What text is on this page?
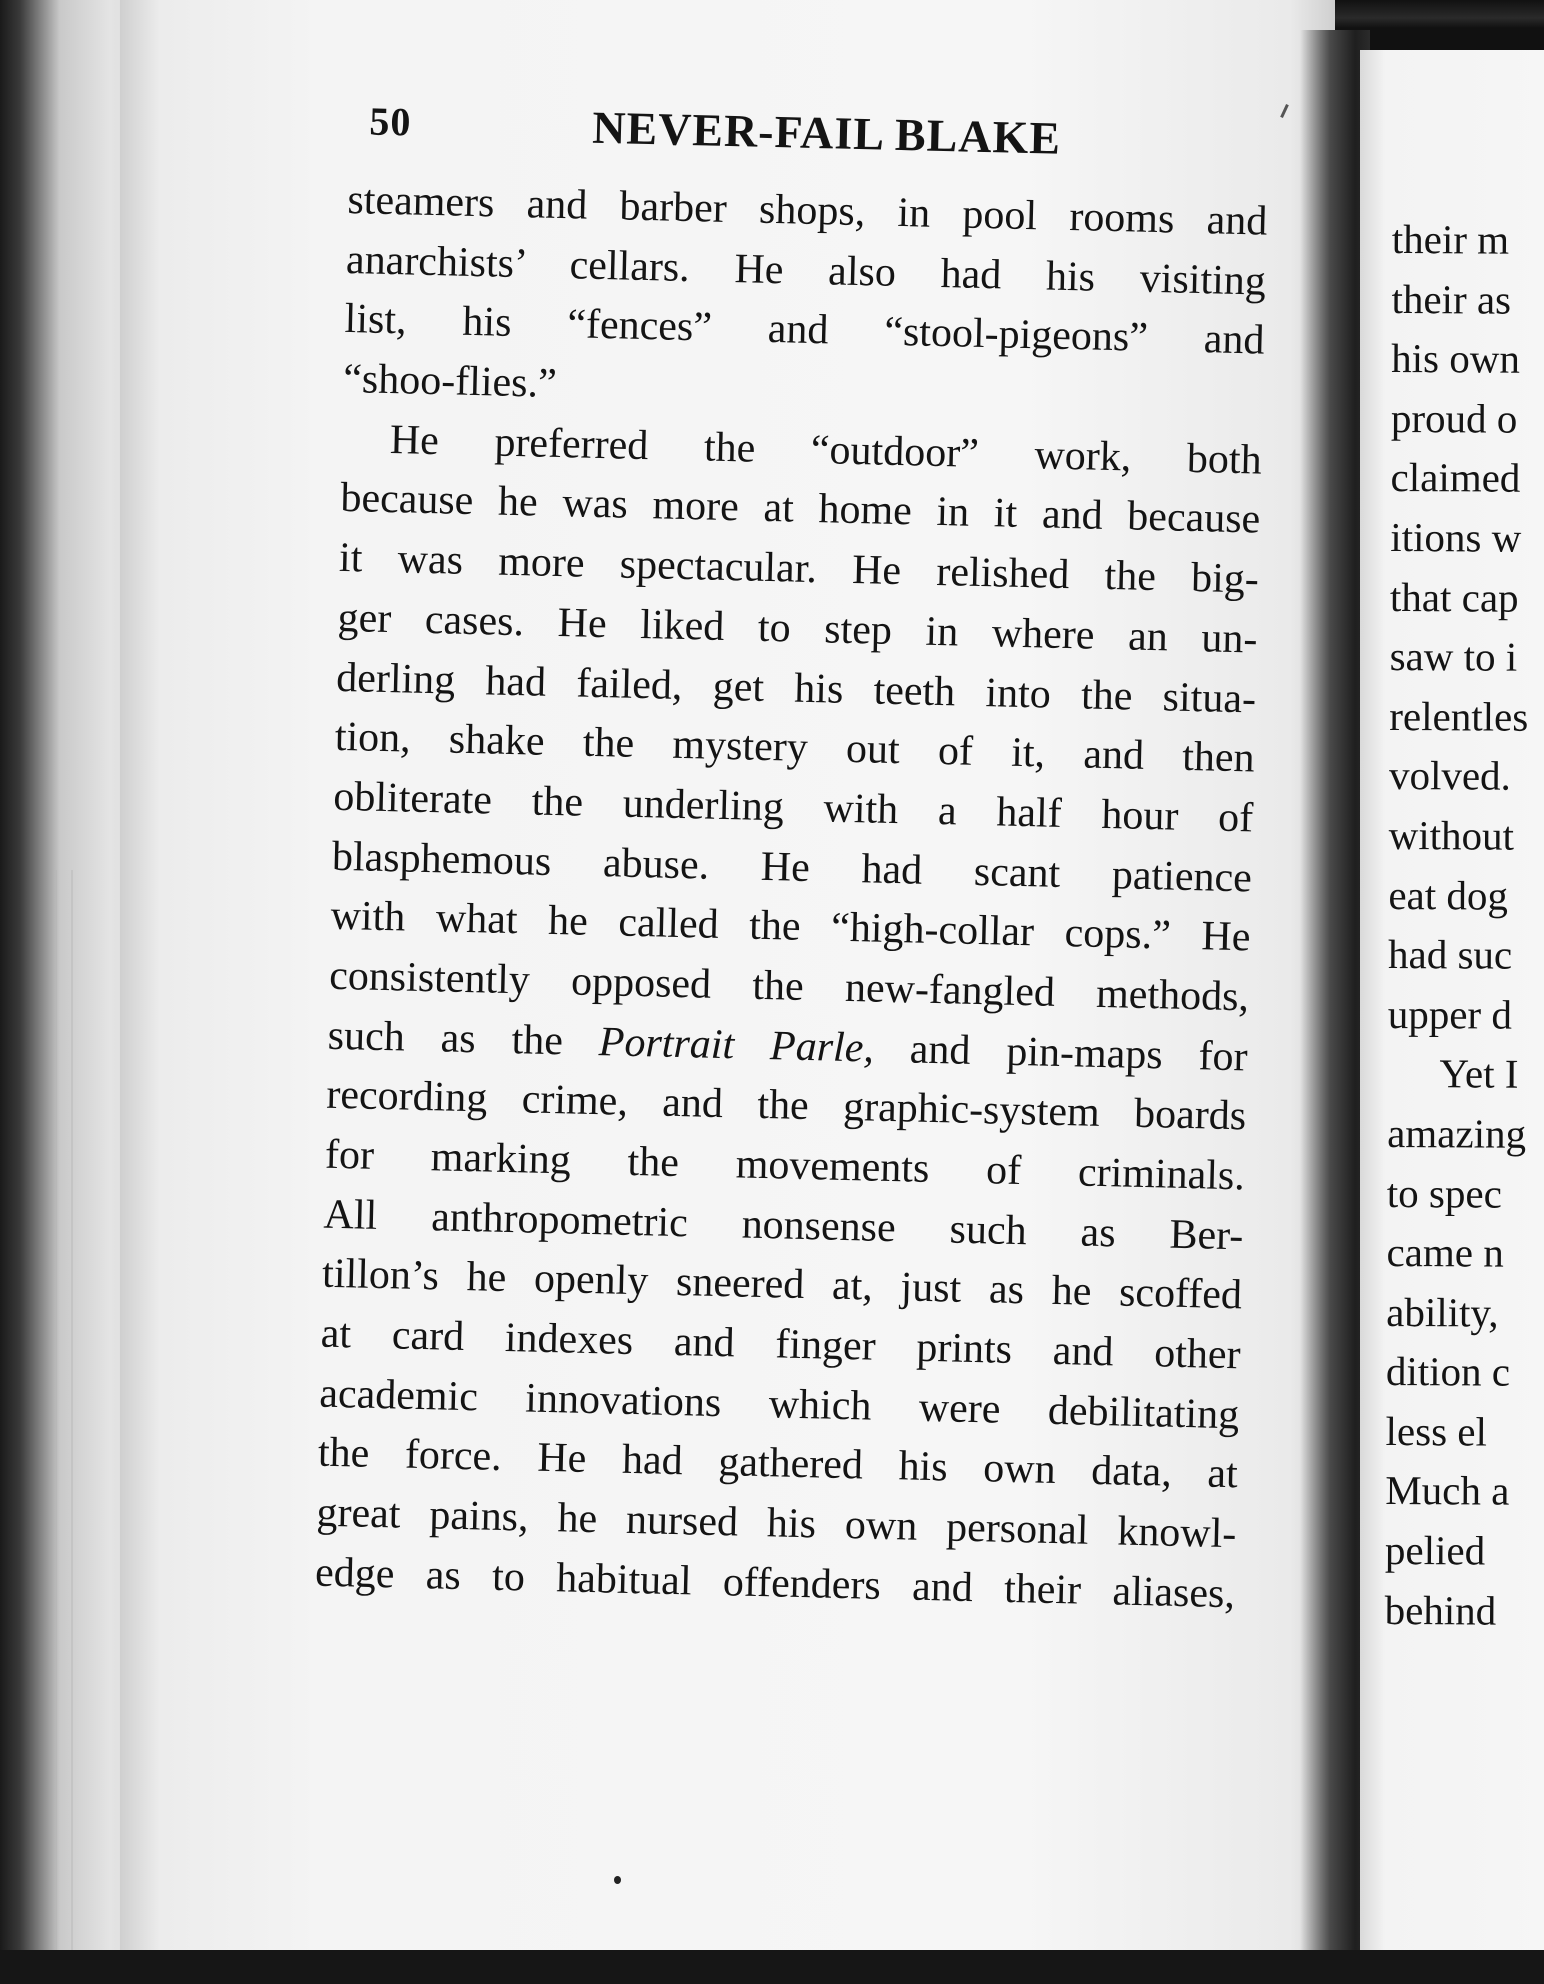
50	NEVER-FAIL BLAKE
steamers and barber shops, in pool rooms and
anarchists’ cellars. He also had his visiting
list, his “fences” and “stool-pigeons” and
“shoo-flies.”
He preferred the “outdoor” work, both
because he was more at home in it and because
it was more spectacular. He relished the big-
ger cases. He liked to step in where an un-
derling had failed, get his teeth into the situa-
tion, shake the mystery out of it, and then
obliterate the underling with a half hour of
blasphemous abuse. He had scant patience
with what he called the “high-collar cops.” He
consistently opposed the new-fangled methods,
such as the Portrait Parle, and pin-maps for
recording crime, and the graphic-system boards
for marking the movements of criminals.
All anthropometric nonsense such as Ber-
tillon’s he openly sneered at, just as he scoffed
at card indexes and finger prints and other
academic innovations which were debilitating
the force. He had gathered his own data, at
great pains, he nursed his own personal knowl-
edge as to habitual offenders and their aliases,
their m
their as
his own
proud o
claimed
itions w
that cap
saw to i
relentles
volved.
without
eat dog
had suc
upper d
Yet I
amazing
to spec
came n
ability,
dition c
less el
Much a
pelied
behind
